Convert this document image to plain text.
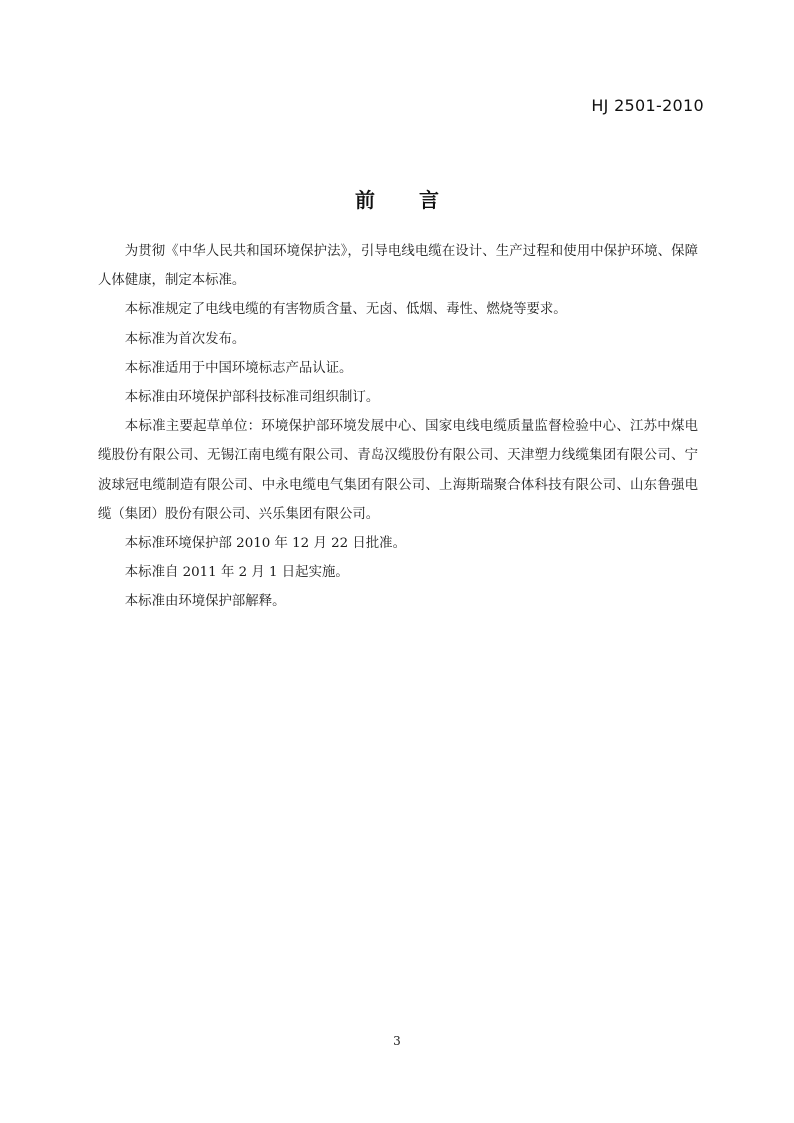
HJ 2501-2010
前言

为贯彻《中华人民共和国环境保护法》，引导电线电缆在设计、生产过程和使用中保护环境、保障人体健康，制定本标准。

本标准规定了电线电缆的有害物质含量、无卤、低烟、毒性、燃烧等要求。

本标准为首次发布。

本标准适用于中国环境标志产品认证。

本标准由环境保护部科技标准司组织制订。

本标准主要起草单位：环境保护部环境发展中心、国家电线电缆质量监督检验中心、江苏中煤电缆股份有限公司、无锡江南电缆有限公司、青岛汉缆股份有限公司、天津塑力线缆集团有限公司、宁波球冠电缆制造有限公司、中永电缆电气集团有限公司、上海斯瑞聚合体科技有限公司、山东鲁强电缆（集团）股份有限公司、兴乐集团有限公司。

本标准环境保护部 2010 年 12 月 22 日批准。

本标准自 2011 年 2 月 1 日起实施。

本标准由环境保护部解释。

3
